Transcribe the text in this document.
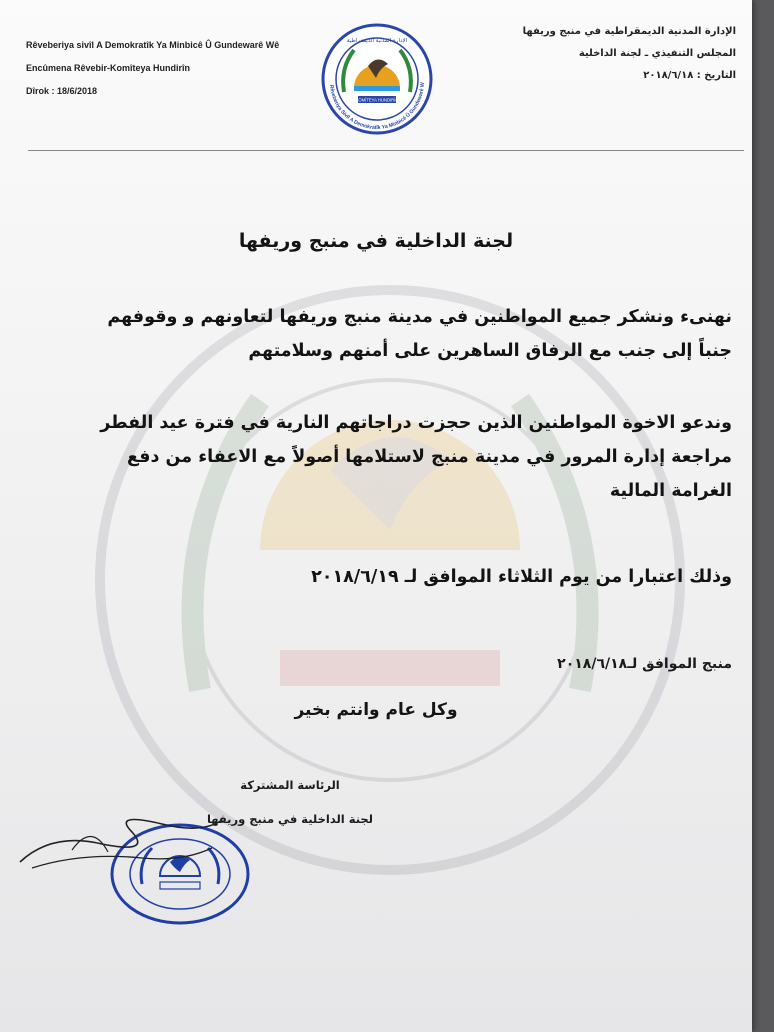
Rêveberiya sivîl A Demokratîk Ya Minbicê Û Gundewarê Wê
Encûmena Rêvebir-Komîteya Hundirîn
Dîrok : 18/6/2018
KOMÎTEYA HUNDIRÎN
الإدارة المدنية الديمقراطية
Rêveberiya Sivîl A Demokratîk Ya Minbicê Û Gundewarê W
الإدارة المدنية الديمقراطية في منبج وريفها
المجلس التنفيذي ـ لجنة الداخلية
التاريخ : ٢٠١٨/٦/١٨
لجنة الداخلية في منبج وريفها
نهنىء ونشكر جميع المواطنين في مدينة منبج وريفها لتعاونهم و وقوفهم
جنباً إلى جنب مع الرفاق الساهرين على أمنهم وسلامتهم
وندعو الاخوة المواطنين الذين حجزت دراجاتهم النارية في فترة عيد الفطر
مراجعة إدارة المرور في مدينة منبج لاستلامها أصولاً مع الاعفاء من دفع
الغرامة المالية
وذلك اعتبارا من يوم الثلاثاء الموافق لـ ٢٠١٨/٦/١٩
منبج الموافق لـ٢٠١٨/٦/١٨
وكل عام وانتم بخير
الرئاسة المشتركة
لجنة الداخلية في منبج وريفها
